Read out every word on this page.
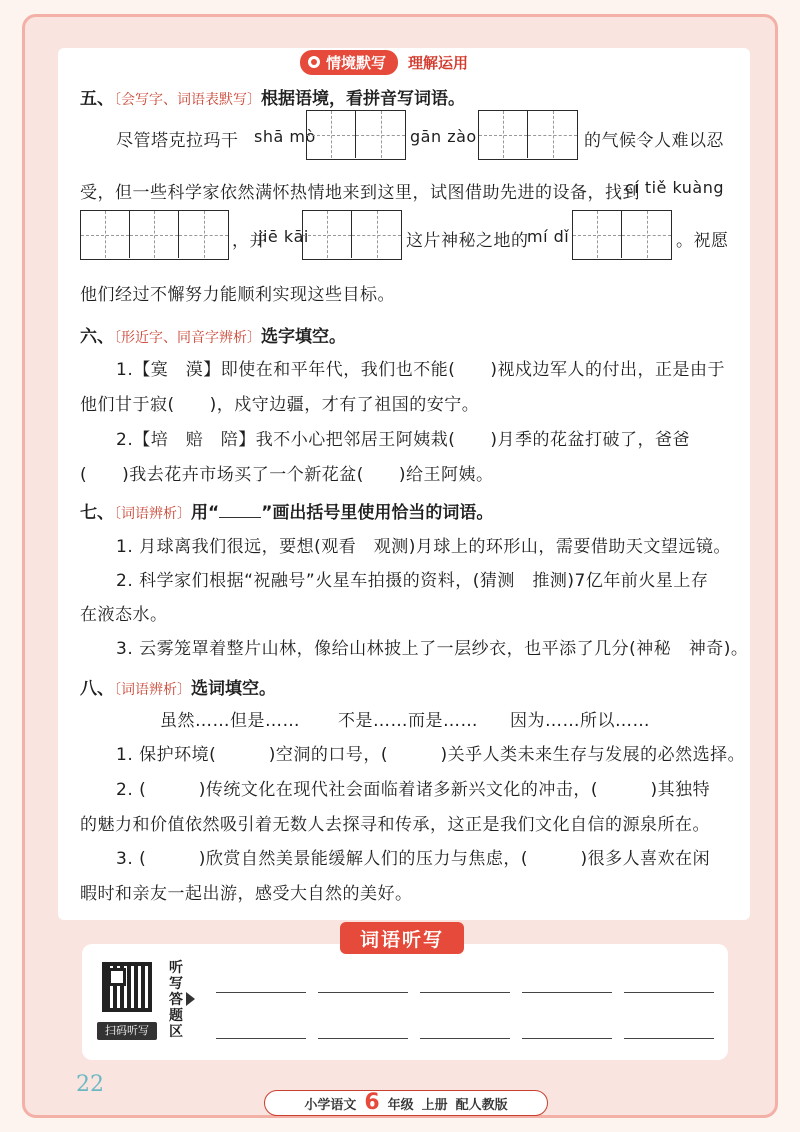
情境默写 理解运用
五、〔会写字、词语表默写〕根据语境，看拼音写词语。
尽管塔克拉玛干 shā mò	gān zào	的气候令人难以忍
受，但一些科学家依然满怀热情地来到这里，试图借助先进的设备，找到
cí tiě kuàng
，并
jiē kāi	这片神秘之地的
mí dǐ	。祝愿
他们经过不懈努力能顺利实现这些目标。
六、〔形近字、同音字辨析〕选字填空。
1.【寞　漠】即使在和平年代，我们也不能(　　)视戍边军人的付出，正是由于
他们甘于寂(　　)，戍守边疆，才有了祖国的安宁。
2.【培　赔　陪】我不小心把邻居王阿姨栽(　　)月季的花盆打破了，爸爸
(　　)我去花卉市场买了一个新花盆(　　)给王阿姨。
七、〔词语辨析〕用“ ”画出括号里使用恰当的词语。
1. 月球离我们很远，要想(观看　观测)月球上的环形山，需要借助天文望远镜。
2. 科学家们根据“祝融号”火星车拍摄的资料，(猜测　推测)7亿年前火星上存
在液态水。
3. 云雾笼罩着整片山林，像给山林披上了一层纱衣，也平添了几分(神秘　神奇)。
八、〔词语辨析〕选词填空。
虽然……但是…… 不是……而是…… 因为……所以……
1. 保护环境(　　　)空洞的口号，(　　　)关乎人类未来生存与发展的必然选择。
2. (　　　)传统文化在现代社会面临着诸多新兴文化的冲击，(　　　)其独特
的魅力和价值依然吸引着无数人去探寻和传承，这正是我们文化自信的源泉所在。
3. (　　　)欣赏自然美景能缓解人们的压力与焦虑，(　　　)很多人喜欢在闲
暇时和亲友一起出游，感受大自然的美好。
词语听写
扫码听写
听写答题区
22
小学语文 6 年级 上册 配人教版
